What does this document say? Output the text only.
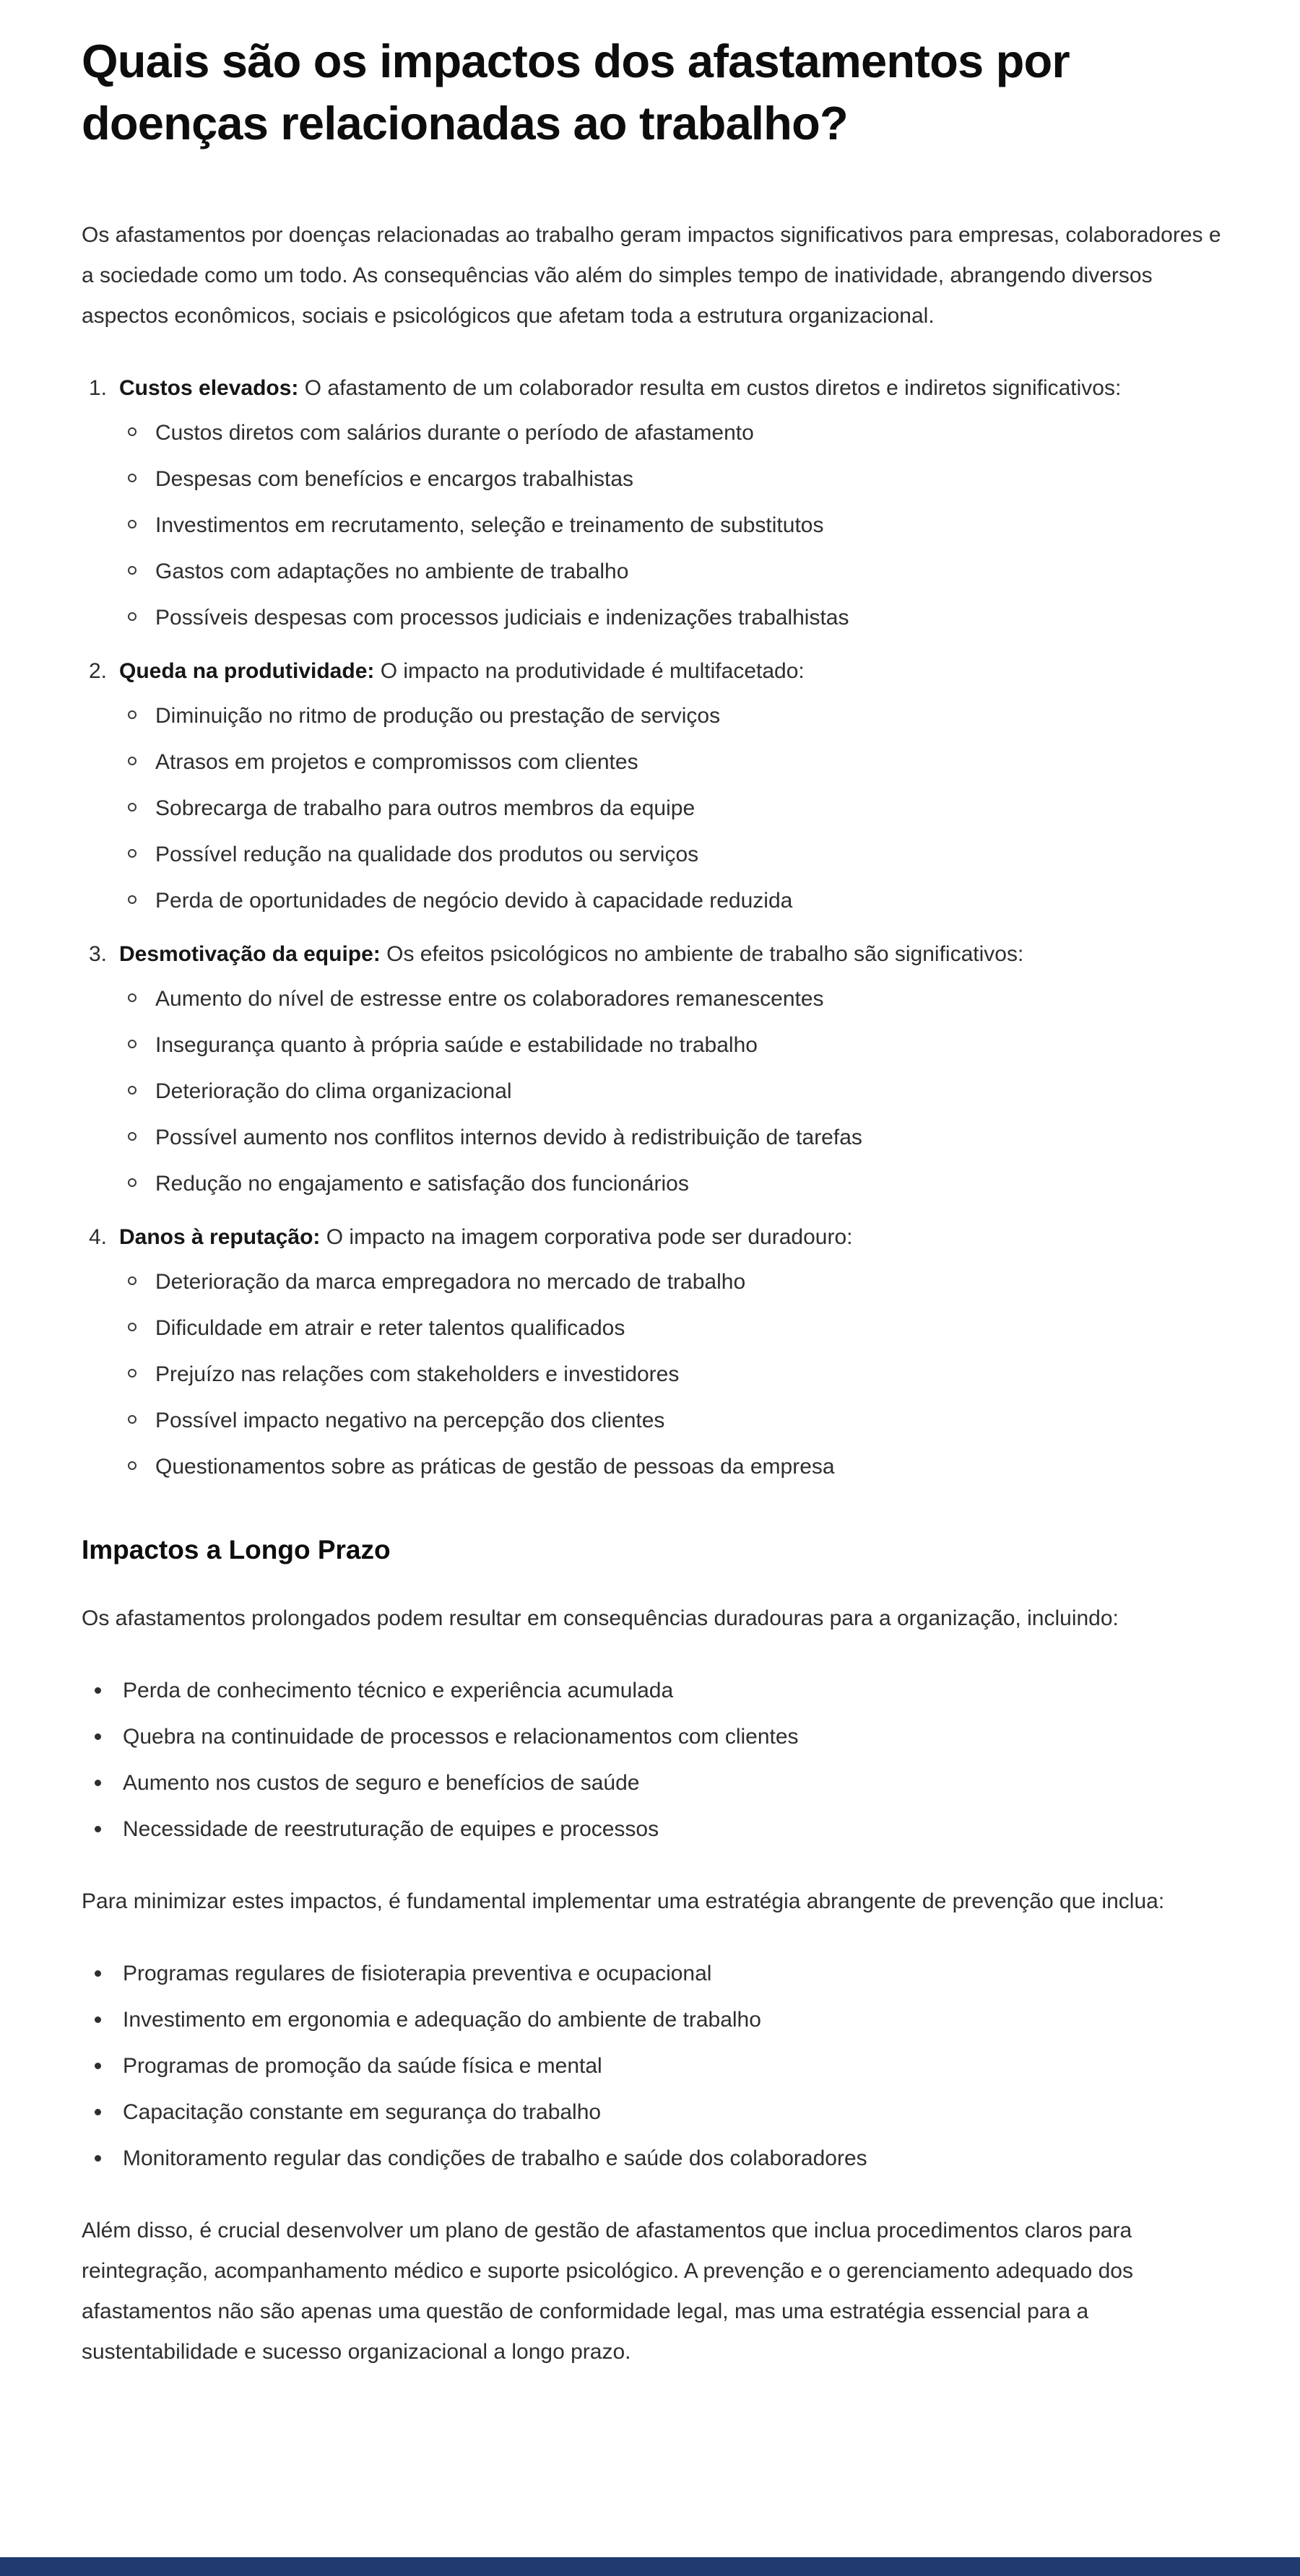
Quais são os impactos dos afastamentos por doenças relacionadas ao trabalho?

Os afastamentos por doenças relacionadas ao trabalho geram impactos significativos para empresas, colaboradores e a sociedade como um todo. As consequências vão além do simples tempo de inatividade, abrangendo diversos aspectos econômicos, sociais e psicológicos que afetam toda a estrutura organizacional.

1. Custos elevados: O afastamento de um colaborador resulta em custos diretos e indiretos significativos:

Custos diretos com salários durante o período de afastamento
Despesas com benefícios e encargos trabalhistas
Investimentos em recrutamento, seleção e treinamento de substitutos
Gastos com adaptações no ambiente de trabalho
Possíveis despesas com processos judiciais e indenizações trabalhistas
2. Queda na produtividade: O impacto na produtividade é multifacetado:

Diminuição no ritmo de produção ou prestação de serviços
Atrasos em projetos e compromissos com clientes
Sobrecarga de trabalho para outros membros da equipe
Possível redução na qualidade dos produtos ou serviços
Perda de oportunidades de negócio devido à capacidade reduzida
3. Desmotivação da equipe: Os efeitos psicológicos no ambiente de trabalho são significativos:

Aumento do nível de estresse entre os colaboradores remanescentes
Insegurança quanto à própria saúde e estabilidade no trabalho
Deterioração do clima organizacional
Possível aumento nos conflitos internos devido à redistribuição de tarefas
Redução no engajamento e satisfação dos funcionários
4. Danos à reputação: O impacto na imagem corporativa pode ser duradouro:

Deterioração da marca empregadora no mercado de trabalho
Dificuldade em atrair e reter talentos qualificados
Prejuízo nas relações com stakeholders e investidores
Possível impacto negativo na percepção dos clientes
Questionamentos sobre as práticas de gestão de pessoas da empresa
Impactos a Longo Prazo

Os afastamentos prolongados podem resultar em consequências duradouras para a organização, incluindo:

Perda de conhecimento técnico e experiência acumulada
Quebra na continuidade de processos e relacionamentos com clientes
Aumento nos custos de seguro e benefícios de saúde
Necessidade de reestruturação de equipes e processos

Para minimizar estes impactos, é fundamental implementar uma estratégia abrangente de prevenção que inclua:

Programas regulares de fisioterapia preventiva e ocupacional
Investimento em ergonomia e adequação do ambiente de trabalho
Programas de promoção da saúde física e mental
Capacitação constante em segurança do trabalho
Monitoramento regular das condições de trabalho e saúde dos colaboradores

Além disso, é crucial desenvolver um plano de gestão de afastamentos que inclua procedimentos claros para reintegração, acompanhamento médico e suporte psicológico. A prevenção e o gerenciamento adequado dos afastamentos não são apenas uma questão de conformidade legal, mas uma estratégia essencial para a sustentabilidade e sucesso organizacional a longo prazo.
